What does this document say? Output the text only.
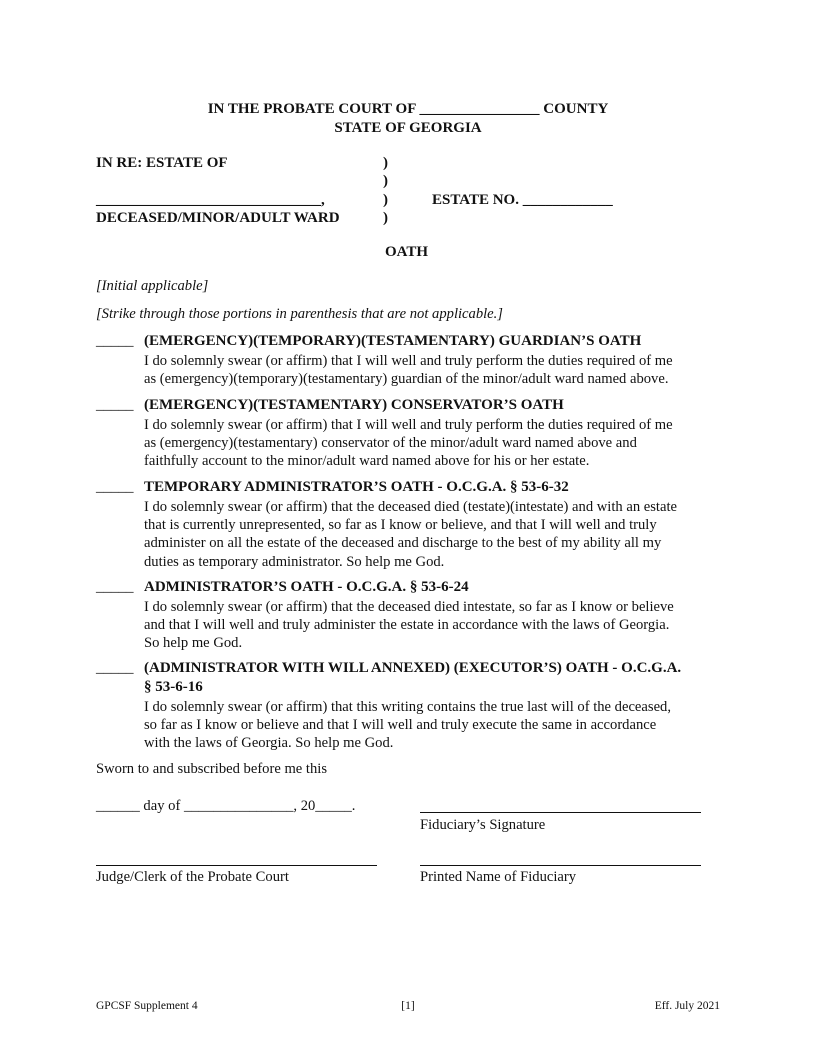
IN THE PROBATE COURT OF ________________ COUNTY
STATE OF GEORGIA
IN RE: ESTATE OF
______________________________,
DECEASED/MINOR/ADULT WARD
)
)
)
)
ESTATE NO. ____________
OATH
[Initial applicable]
[Strike through those portions in parenthesis that are not applicable.]
_____ (EMERGENCY)(TEMPORARY)(TESTAMENTARY) GUARDIAN’S OATH
I do solemnly swear (or affirm) that I will well and truly perform the duties required of me
as (emergency)(temporary)(testamentary) guardian of the minor/adult ward named above.
_____ (EMERGENCY)(TESTAMENTARY) CONSERVATOR’S OATH
I do solemnly swear (or affirm) that I will well and truly perform the duties required of me
as (emergency)(testamentary) conservator of the minor/adult ward named above and
faithfully account to the minor/adult ward named above for his or her estate.
_____ TEMPORARY ADMINISTRATOR’S OATH - O.C.G.A. § 53-6-32
I do solemnly swear (or affirm) that the deceased died (testate)(intestate) and with an estate
that is currently unrepresented, so far as I know or believe, and that I will well and truly
administer on all the estate of the deceased and discharge to the best of my ability all my
duties as temporary administrator. So help me God.
_____ ADMINISTRATOR’S OATH - O.C.G.A. § 53-6-24
I do solemnly swear (or affirm) that the deceased died intestate, so far as I know or believe
and that I will well and truly administer the estate in accordance with the laws of Georgia.
So help me God.
_____ (ADMINISTRATOR WITH WILL ANNEXED) (EXECUTOR’S) OATH - O.C.G.A.
§ 53-6-16
I do solemnly swear (or affirm) that this writing contains the true last will of the deceased,
so far as I know or believe and that I will well and truly execute the same in accordance
with the laws of Georgia. So help me God.
Sworn to and subscribed before me this
______ day of _______________, 20_____.
Fiduciary’s Signature
Judge/Clerk of the Probate Court	Printed Name of Fiduciary
GPCSF Supplement 4	[1]	Eff. July 2021
